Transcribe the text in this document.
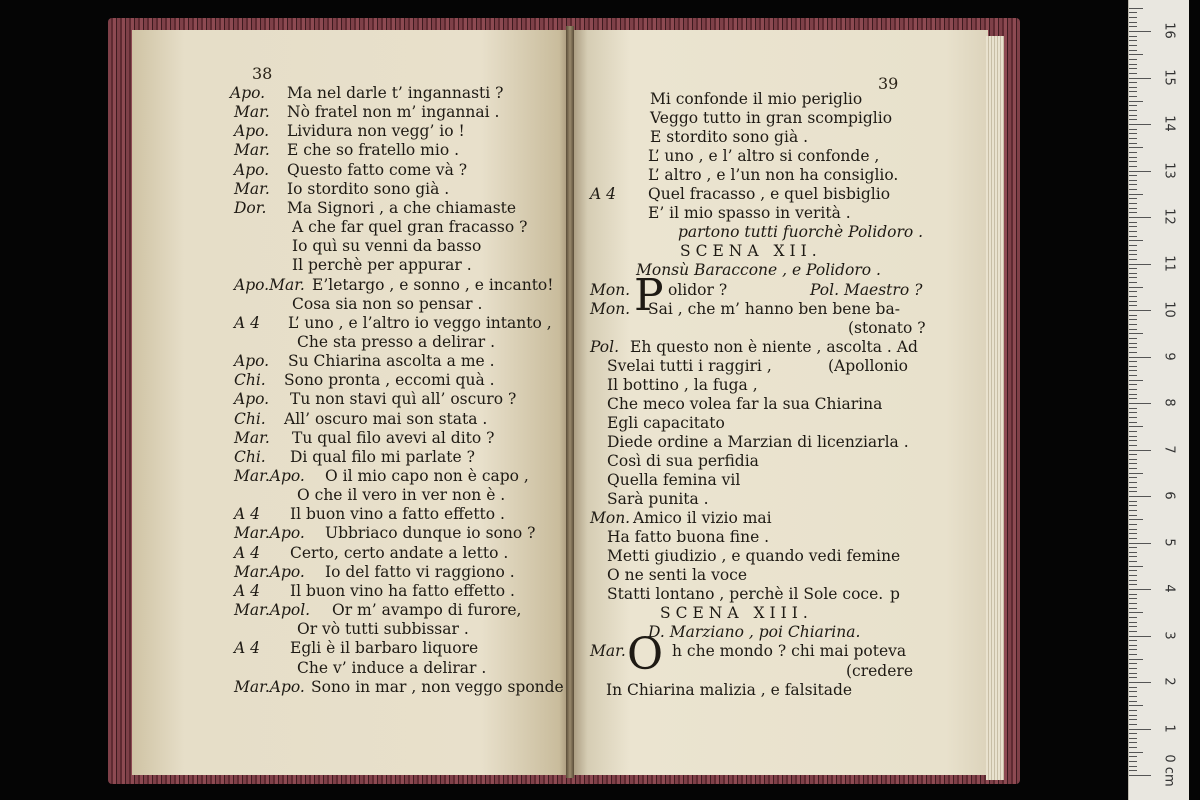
38
39
Apo. Ma nel darle t’ ingannasti ?
Mar. Nò fratel non m’ ingannai .
Apo. Lividura non vegg’ io !
Mar. E che so fratello mio .
Apo. Questo fatto come và ?
Mar. Io stordito sono già .
Dor. Ma Signori , a che chiamaste
A che far quel gran fracasso ?
Io quì su venni da basso
Il perchè per appurar .
Apo.Mar. E’letargo , e sonno , e incanto!
Cosa sia non so pensar .
A 4 L’ uno , e l’altro io veggo intanto ,
Che sta presso a delirar .
Apo. Su Chiarina ascolta a me .
Chi. Sono pronta , eccomi quà .
Apo. Tu non stavi quì all’ oscuro ?
Chi. All’ oscuro mai son stata .
Mar. Tu qual filo avevi al dito ?
Chi. Di qual filo mi parlate ?
Mar.Apo. O il mio capo non è capo ,
O che il vero in ver non è .
A 4 Il buon vino a fatto effetto .
Mar.Apo. Ubbriaco dunque io sono ?
A 4 Certo, certo andate a letto .
Mar.Apo. Io del fatto vi raggiono .
A 4 Il buon vino ha fatto effetto .
Mar.Apol. Or m’ avampo di furore,
Or vò tutti subbissar .
A 4 Egli è il barbaro liquore
Che v’ induce a delirar .
Mar.Apo. Sono in mar , non veggo sponde
Mi confonde il mio periglio
Veggo tutto in gran scompiglio
E stordito sono già .
L’ uno , e l’ altro si confonde ,
L’ altro , e l’un non ha consiglio.
A 4 Quel fracasso , e quel bisbiglio
E’ il mio spasso in verità .
partono tutti fuorchè Polidoro .
SCENA XII.
Monsù Baraccone , e Polidoro .
Mon. olidor ?	Pol. Maestro ?
Mon. Sai , che m’ hanno ben bene ba-
(stonato ?
Pol. Eh questo non è niente , ascolta . Ad
Svelai tutti i raggiri ,	(Apollonio
Il bottino , la fuga ,
Che meco volea far la sua Chiarina
Egli capacitato
Diede ordine a Marzian di licenziarla .
Così di sua perfidia
Quella femina vil
Sarà punita .
Mon. Amico il vizio mai
Ha fatto buona fine .
Metti giudizio , e quando vedi femine
O ne senti la voce
Statti lontano , perchè il Sole coce. p
SCENA XIII.
D. Marziano , poi Chiarina.
Mar.	h che mondo ? chi mai poteva
(credere
In Chiarina malizia , e falsitade
P
O
0 cm
1
2
3
4
5
6
7
8
9
10
11
12
13
14
15
16
